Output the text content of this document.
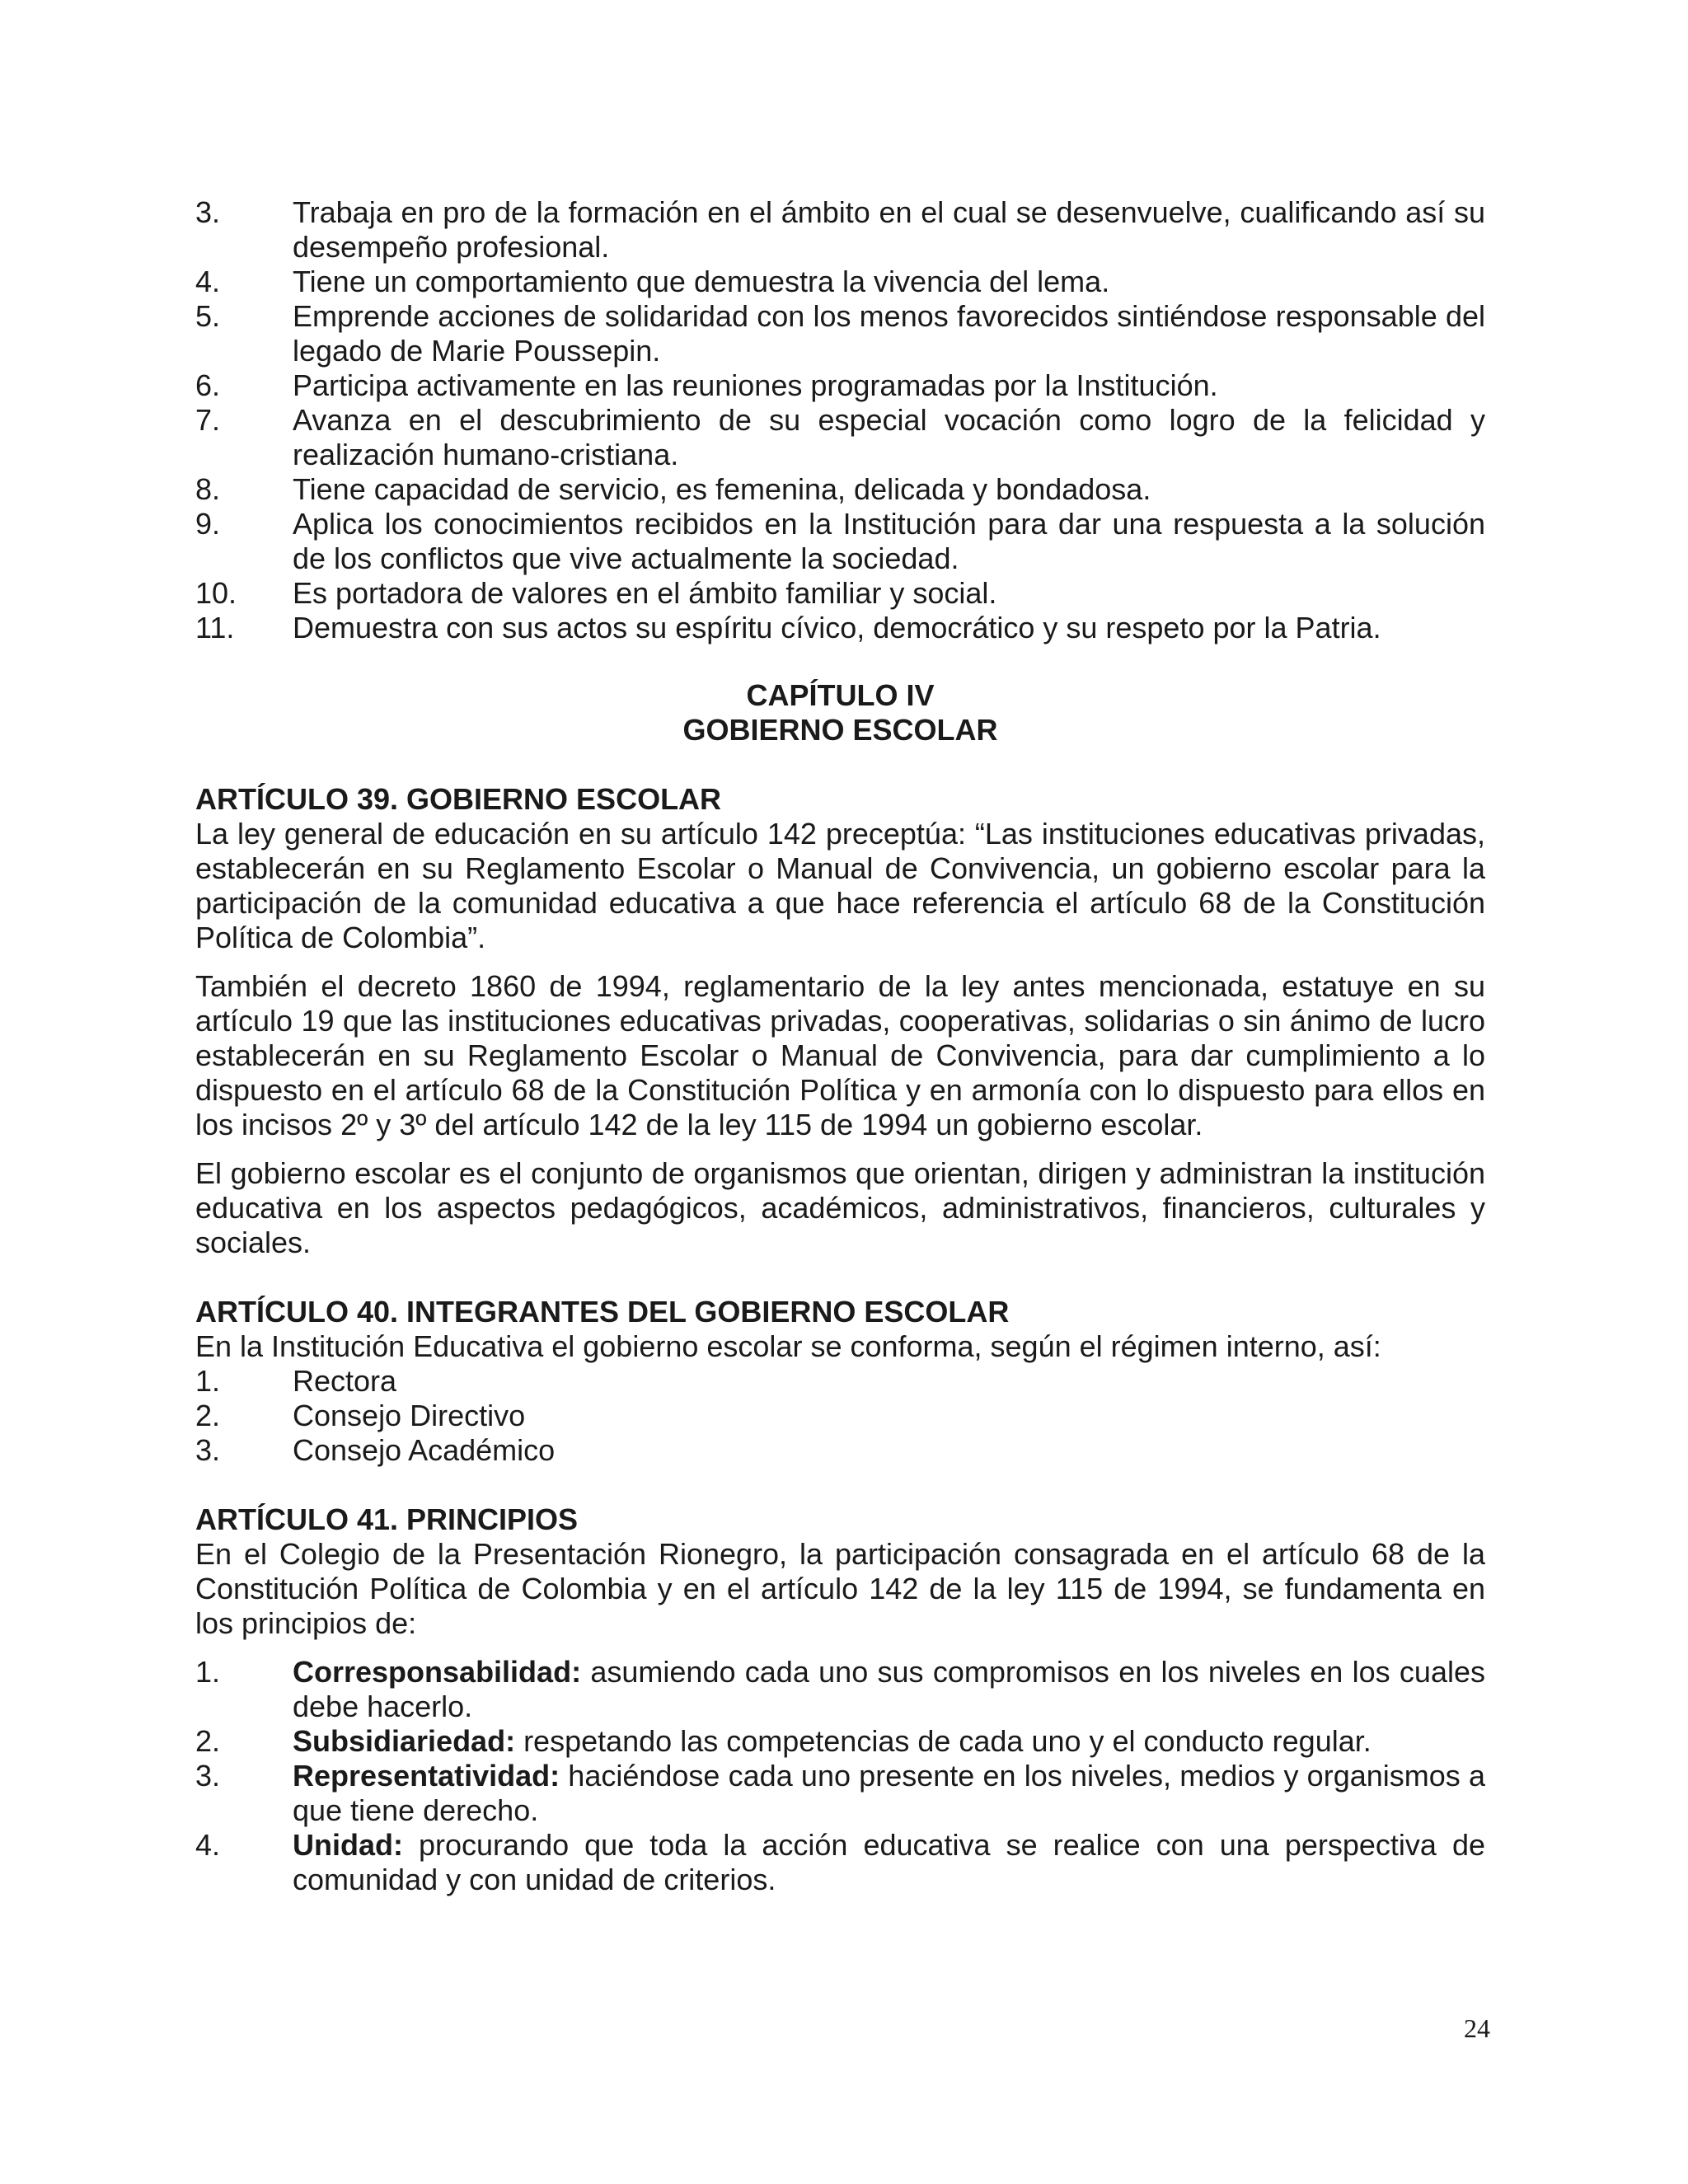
3. Trabaja en pro de la formación en el ámbito en el cual se desenvuelve, cualificando así su desempeño profesional.
4. Tiene un comportamiento que demuestra la vivencia del lema.
5. Emprende acciones de solidaridad con los menos favorecidos sintiéndose responsable del legado de Marie Poussepin.
6. Participa activamente en las reuniones programadas por la Institución.
7. Avanza en el descubrimiento de su especial vocación como logro de la felicidad y realización humano-cristiana.
8. Tiene capacidad de servicio, es femenina, delicada y bondadosa.
9. Aplica los conocimientos recibidos en la Institución para dar una respuesta a la solución de los conflictos que vive actualmente la sociedad.
10. Es portadora de valores en el ámbito familiar y social.
11. Demuestra con sus actos su espíritu cívico, democrático y su respeto por la Patria.
CAPÍTULO IV
GOBIERNO ESCOLAR
ARTÍCULO 39. GOBIERNO ESCOLAR

La ley general de educación en su artículo 142 preceptúa: “Las instituciones educativas privadas, establecerán en su Reglamento Escolar o Manual de Convivencia, un gobierno escolar para la participación de la comunidad educativa a que hace referencia el artículo 68 de la Constitución Política de Colombia”.

También el decreto 1860 de 1994, reglamentario de la ley antes mencionada, estatuye en su artículo 19 que las instituciones educativas privadas, cooperativas, solidarias o sin ánimo de lucro establecerán en su Reglamento Escolar o Manual de Convivencia, para dar cumplimiento a lo dispuesto en el artículo 68 de la Constitución Política y en armonía con lo dispuesto para ellos en los incisos 2º y 3º del artículo 142 de la ley 115 de 1994 un gobierno escolar.

El gobierno escolar es el conjunto de organismos que orientan, dirigen y administran la institución educativa en los aspectos pedagógicos, académicos, administrativos, financieros, culturales y sociales.

ARTÍCULO 40. INTEGRANTES DEL GOBIERNO ESCOLAR

En la Institución Educativa el gobierno escolar se conforma, según el régimen interno, así:

1. Rectora
2. Consejo Directivo
3. Consejo Académico
ARTÍCULO 41. PRINCIPIOS

En el Colegio de la Presentación Rionegro, la participación consagrada en el artículo 68 de la Constitución Política de Colombia y en el artículo 142 de la ley 115 de 1994, se fundamenta en los principios de:

1. Corresponsabilidad: asumiendo cada uno sus compromisos en los niveles en los cuales debe hacerlo.
2. Subsidiariedad: respetando las competencias de cada uno y el conducto regular.
3. Representatividad: haciéndose cada uno presente en los niveles, medios y organismos a que tiene derecho.
4. Unidad: procurando que toda la acción educativa se realice con una perspectiva de comunidad y con unidad de criterios.
24
